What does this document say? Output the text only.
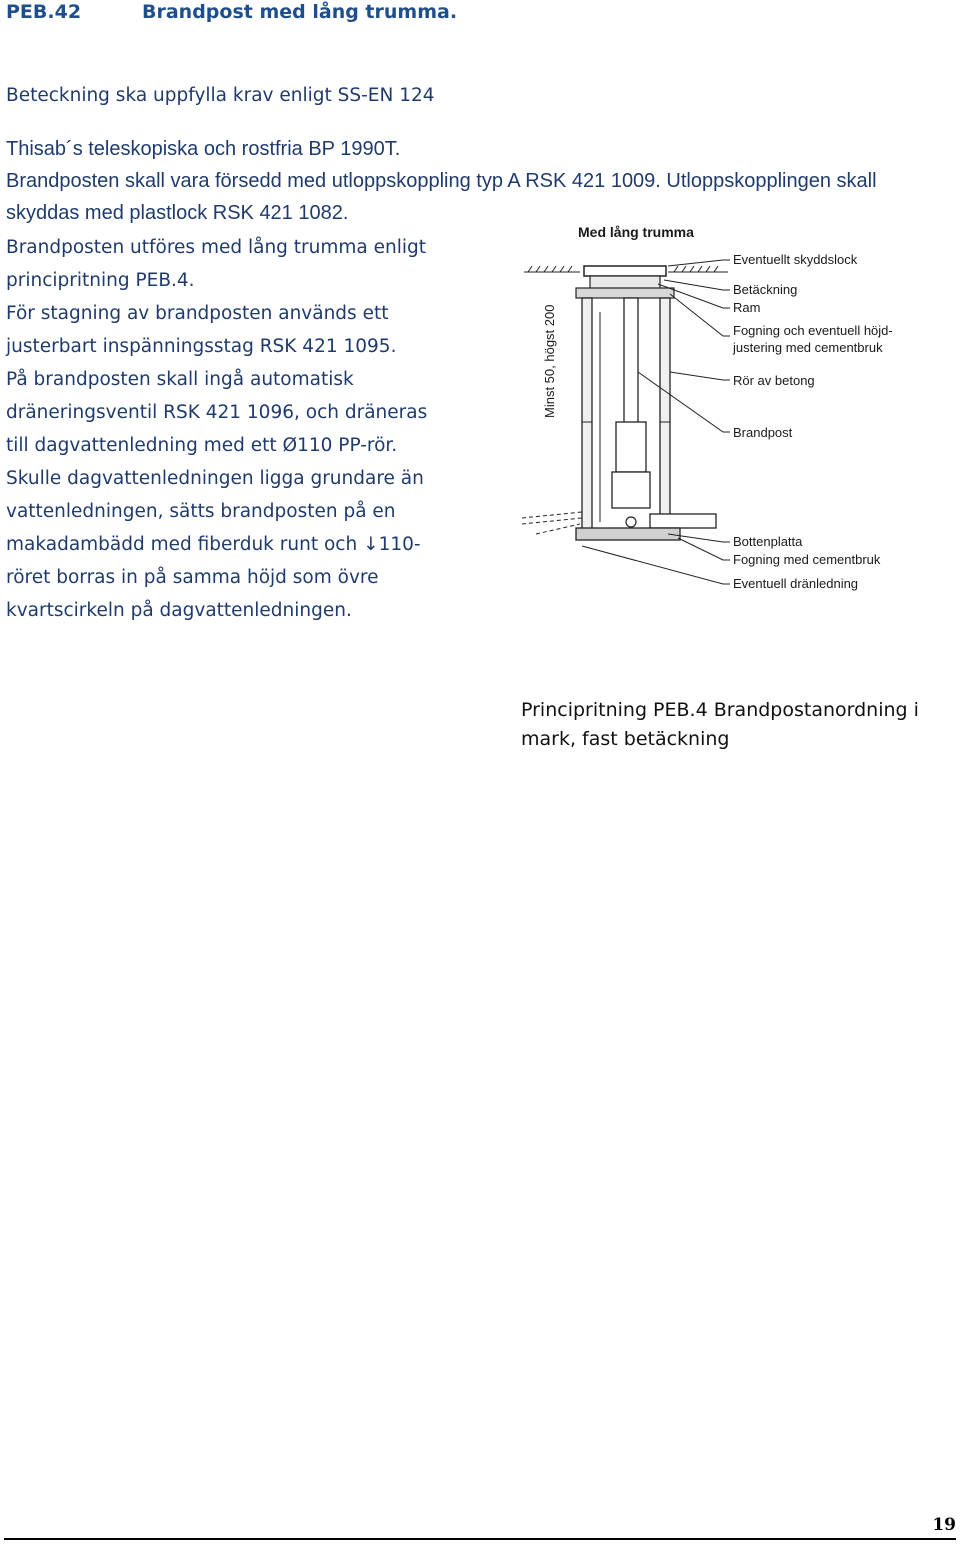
PEB.42	Brandpost med lång trumma.
Beteckning ska uppfylla krav enligt SS-EN 124
Thisab´s teleskopiska och rostfria BP 1990T.
Brandposten skall vara försedd med utloppskoppling typ A RSK 421 1009. Utloppskopplingen skall
skyddas med plastlock RSK 421 1082.
Brandposten utföres med lång trumma enligt
principritning PEB.4.
För stagning av brandposten används ett
justerbart inspänningsstag RSK 421 1095.
På brandposten skall ingå automatisk
dräneringsventil RSK 421 1096, och dräneras
till dagvattenledning med ett Ø110 PP-rör.
Skulle dagvattenledningen ligga grundare än
vattenledningen, sätts brandposten på en
makadambädd med fiberduk runt och ↓110-
röret borras in på samma höjd som övre
kvartscirkeln på dagvattenledningen.
Med lång trumma
Minst 50, högst 200
Eventuellt skyddslock
Betäckning
Ram
Fogning och eventuell höjd-
justering med cementbruk
Rör av betong
Brandpost
Bottenplatta
Fogning med cementbruk
Eventuell dränledning
Principritning PEB.4 Brandpostanordning i mark, fast betäckning
19
